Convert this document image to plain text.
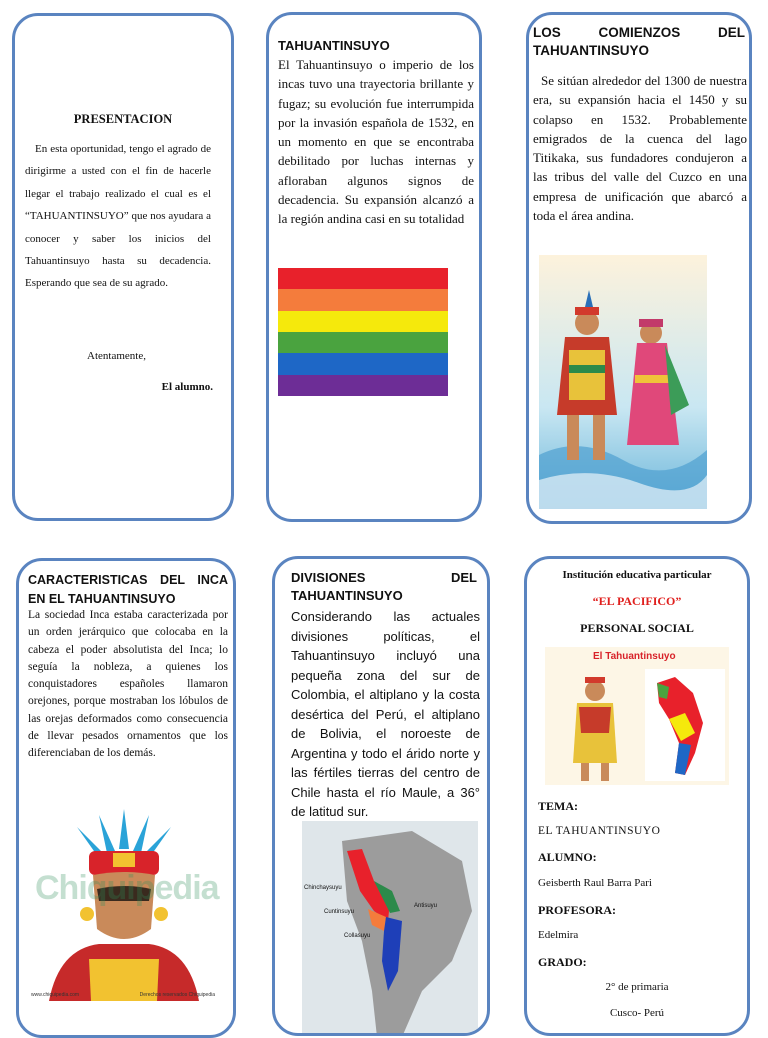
PRESENTACION

En esta oportunidad, tengo el agrado de dirigirme a usted con el fin de hacerle llegar el trabajo realizado el cual es el “TAHUANTINSUYO” que nos ayudara a conocer y saber los inicios del Tahuantinsuyo hasta su decadencia. Esperando que sea de su agrado.

Atentamente,

El alumno.

TAHUANTINSUYO

El Tahuantinsuyo o imperio de los incas tuvo una trayectoria brillante y fugaz; su evolución fue interrumpida por la invasión española de 1532, en un momento en que se encontraba debilitado por luchas internas y afloraban algunos signos de decadencia. Su expansión alcanzó a la región andina casi en su totalidad

LOS COMIENZOS DEL TAHUANTINSUYO

Se sitúan alrededor del 1300 de nuestra era, su expansión hacia el 1450 y su colapso en 1532. Probablemente emigrados de la cuenca del lago Titikaka, sus fundadores condujeron a las tribus del valle del Cuzco en una empresa de unificación que abarcó a toda el área andina.

CARACTERISTICAS DEL INCA EN EL TAHUANTINSUYO

La sociedad Inca estaba caracterizada por un orden jerárquico que colocaba en la cabeza el poder absolutista del Inca; lo seguía la nobleza, a quienes los conquistadores españoles llamaron orejones, porque mostraban los lóbulos de las orejas deformados como consecuencia de llevar pesados ornamentos que los diferenciaban de los demás.

Chiquipedia
www.chiquipedia.com	Derechos reservados Chiquipedia
DIVISIONES DEL TAHUANTINSUYO

Considerando las actuales divisiones políticas, el Tahuantinsuyo incluyó una pequeña zona del sur de Colombia, el altiplano y la costa desértica del Perú, el altiplano de Bolivia, el noroeste de Argentina y todo el árido norte y las fértiles tierras del centro de Chile hasta el río Maule, a 36° de latitud sur.

Chinchaysuyu
Antisuyu
Cuntinsuyu
Collasuyu
Institución educativa particular
“EL PACIFICO”
PERSONAL SOCIAL
El Tahuantinsuyo
TEMA:
EL TAHUANTINSUYO
ALUMNO:
Geisberth Raul Barra Pari
PROFESORA:
Edelmira
GRADO:
2° de primaria
Cusco- Perú
